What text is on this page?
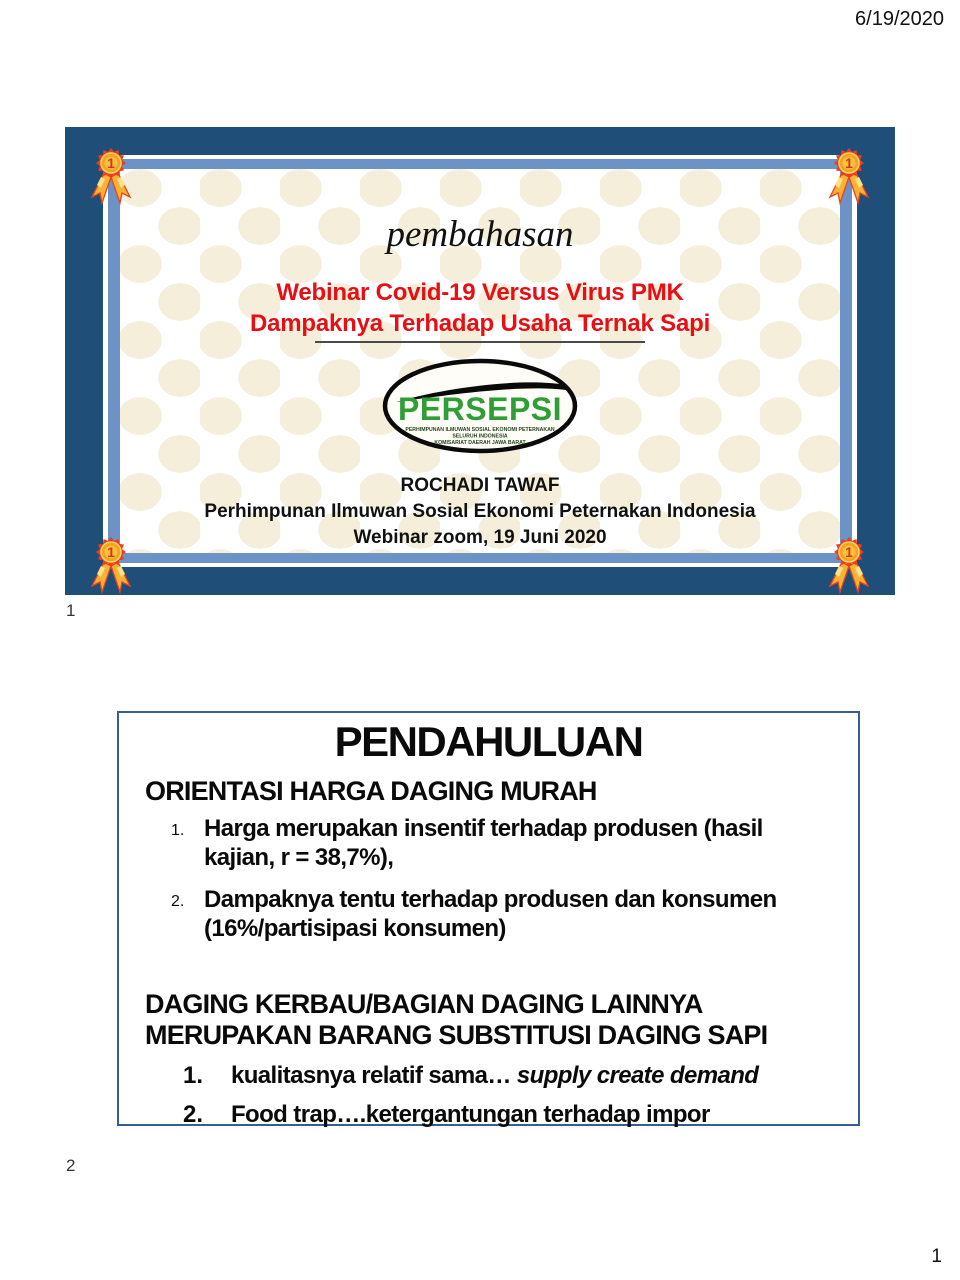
6/19/2020
1
2
1
pembahasan
Webinar Covid-19 Versus Virus PMK
Dampaknya Terhadap Usaha Ternak Sapi
PERSEPSI
PERHIMPUNAN ILMUWAN SOSIAL EKONOMI PETERNAKAN
SELURUH INDONESIA
KOMISARIAT DAERAH JAWA BARAT
ROCHADI TAWAF
Perhimpunan Ilmuwan Sosial Ekonomi Peternakan Indonesia
Webinar zoom, 19 Juni 2020
1	1
1	1
PENDAHULUAN
ORIENTASI HARGA DAGING MURAH
1. Harga merupakan insentif terhadap produsen (hasil kajian, r = 38,7%),
2. Dampaknya tentu terhadap produsen dan konsumen (16%/partisipasi konsumen)
DAGING KERBAU/BAGIAN DAGING LAINNYA
MERUPAKAN BARANG SUBSTITUSI DAGING SAPI
1.	kualitasnya relatif sama… supply create demand
2.	Food trap….ketergantungan terhadap impor
